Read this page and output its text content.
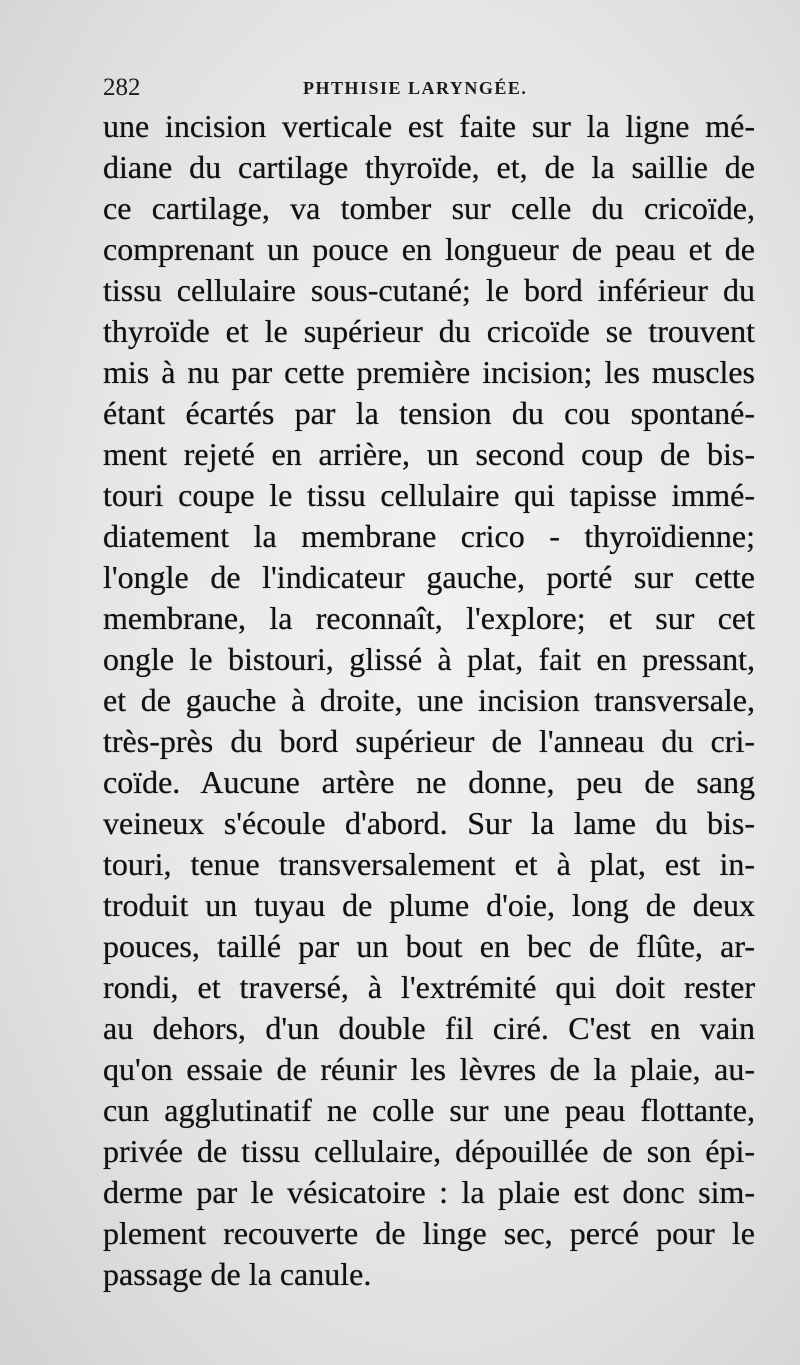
282	PHTHISIE LARYNGÉE.
une incision verticale est faite sur la ligne mé-
diane du cartilage thyroïde, et, de la saillie de
ce cartilage, va tomber sur celle du cricoïde,
comprenant un pouce en longueur de peau et de
tissu cellulaire sous-cutané; le bord inférieur du
thyroïde et le supérieur du cricoïde se trouvent
mis à nu par cette première incision; les muscles
étant écartés par la tension du cou spontané-
ment rejeté en arrière, un second coup de bis-
touri coupe le tissu cellulaire qui tapisse immé-
diatement la membrane crico - thyroïdienne;
l'ongle de l'indicateur gauche, porté sur cette
membrane, la reconnaît, l'explore; et sur cet
ongle le bistouri, glissé à plat, fait en pressant,
et de gauche à droite, une incision transversale,
très-près du bord supérieur de l'anneau du cri-
coïde. Aucune artère ne donne, peu de sang
veineux s'écoule d'abord. Sur la lame du bis-
touri, tenue transversalement et à plat, est in-
troduit un tuyau de plume d'oie, long de deux
pouces, taillé par un bout en bec de flûte, ar-
rondi, et traversé, à l'extrémité qui doit rester
au dehors, d'un double fil ciré. C'est en vain
qu'on essaie de réunir les lèvres de la plaie, au-
cun agglutinatif ne colle sur une peau flottante,
privée de tissu cellulaire, dépouillée de son épi-
derme par le vésicatoire : la plaie est donc sim-
plement recouverte de linge sec, percé pour le
passage de la canule.
